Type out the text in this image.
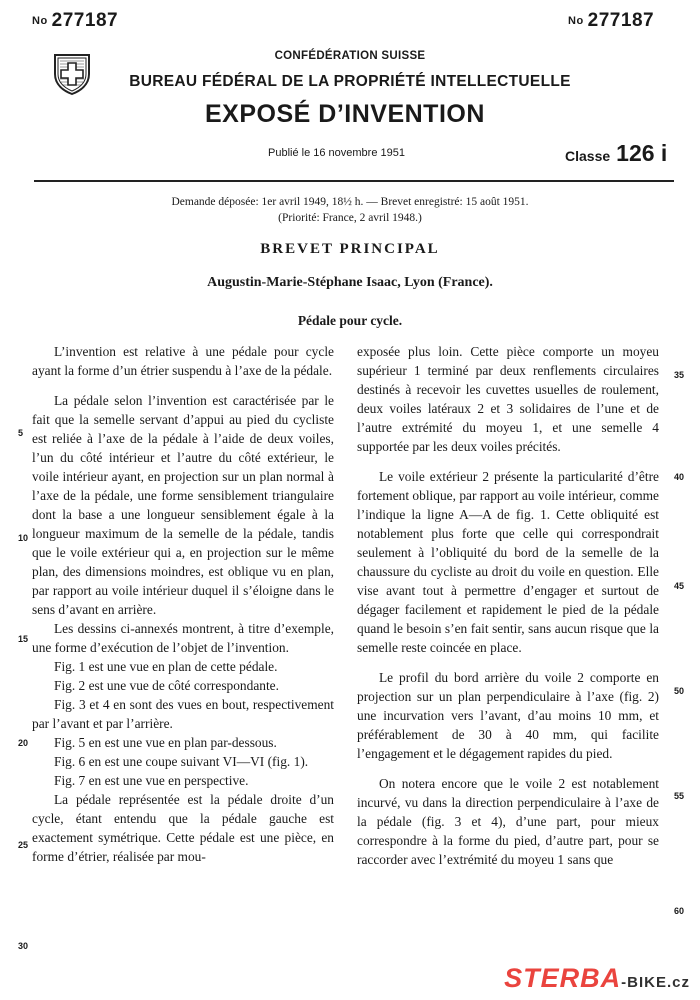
No 277187	No 277187
CONFÉDÉRATION SUISSE
BUREAU FÉDÉRAL DE LA PROPRIÉTÉ INTELLECTUELLE
EXPOSÉ D’INVENTION
Publié le 16 novembre 1951	Classe 126 i
Demande déposée: 1er avril 1949, 18½ h. — Brevet enregistré: 15 août 1951.
(Priorité: France, 2 avril 1948.)
BREVET PRINCIPAL
Augustin-Marie-Stéphane Isaac, Lyon (France).
Pédale pour cycle.

L’invention est relative à une pédale pour cycle ayant la forme d’un étrier suspendu à l’axe de la pédale.

La pédale selon l’invention est caractérisée par le fait que la semelle servant d’appui au pied du cycliste est reliée à l’axe de la pédale à l’aide de deux voiles, l’un du côté intérieur et l’autre du côté extérieur, le voile intérieur ayant, en projection sur un plan normal à l’axe de la pédale, une forme sensiblement triangulaire dont la base a une longueur sensiblement égale à la longueur maximum de la semelle de la pédale, tandis que le voile extérieur qui a, en projection sur le même plan, des dimensions moindres, est oblique vu en plan, par rapport au voile intérieur duquel il s’éloigne dans le sens d’avant en arrière.

Les dessins ci-annexés montrent, à titre d’exemple, une forme d’exécution de l’objet de l’invention.

Fig. 1 est une vue en plan de cette pédale.

Fig. 2 est une vue de côté correspondante.

Fig. 3 et 4 en sont des vues en bout, respectivement par l’avant et par l’arrière.

Fig. 5 en est une vue en plan par-dessous.

Fig. 6 en est une coupe suivant VI—VI (fig. 1).

Fig. 7 en est une vue en perspective.

La pédale représentée est la pédale droite d’un cycle, étant entendu que la pédale gauche est exactement symétrique. Cette pédale est une pièce, en forme d’étrier, réalisée par mou-

exposée plus loin. Cette pièce comporte un moyeu supérieur 1 terminé par deux renflements circulaires destinés à recevoir les cuvettes usuelles de roulement, deux voiles latéraux 2 et 3 solidaires de l’une et de l’autre extrémité du moyeu 1, et une semelle 4 supportée par les deux voiles précités.

Le voile extérieur 2 présente la particularité d’être fortement oblique, par rapport au voile intérieur, comme l’indique la ligne A—A de fig. 1. Cette obliquité est notablement plus forte que celle qui correspondrait seulement à l’obliquité du bord de la semelle de la chaussure du cycliste au droit du voile en question. Elle vise avant tout à permettre d’engager et surtout de dégager facilement et rapidement le pied de la pédale quand le besoin s’en fait sentir, sans aucun risque que la semelle reste coincée en place.

Le profil du bord arrière du voile 2 comporte en projection sur un plan perpendiculaire à l’axe (fig. 2) une incurvation vers l’avant, d’au moins 10 mm, et préférablement de 30 à 40 mm, qui facilite l’engagement et le dégagement rapides du pied.

On notera encore que le voile 2 est notablement incurvé, vu dans la direction perpendiculaire à l’axe de la pédale (fig. 3 et 4), d’une part, pour mieux correspondre à la forme du pied, d’autre part, pour se raccorder avec l’extrémité du moyeu 1 sans que

5
10
15
20
25
30
35
40
45
50
55
60
STERBA-BIKE.cz
